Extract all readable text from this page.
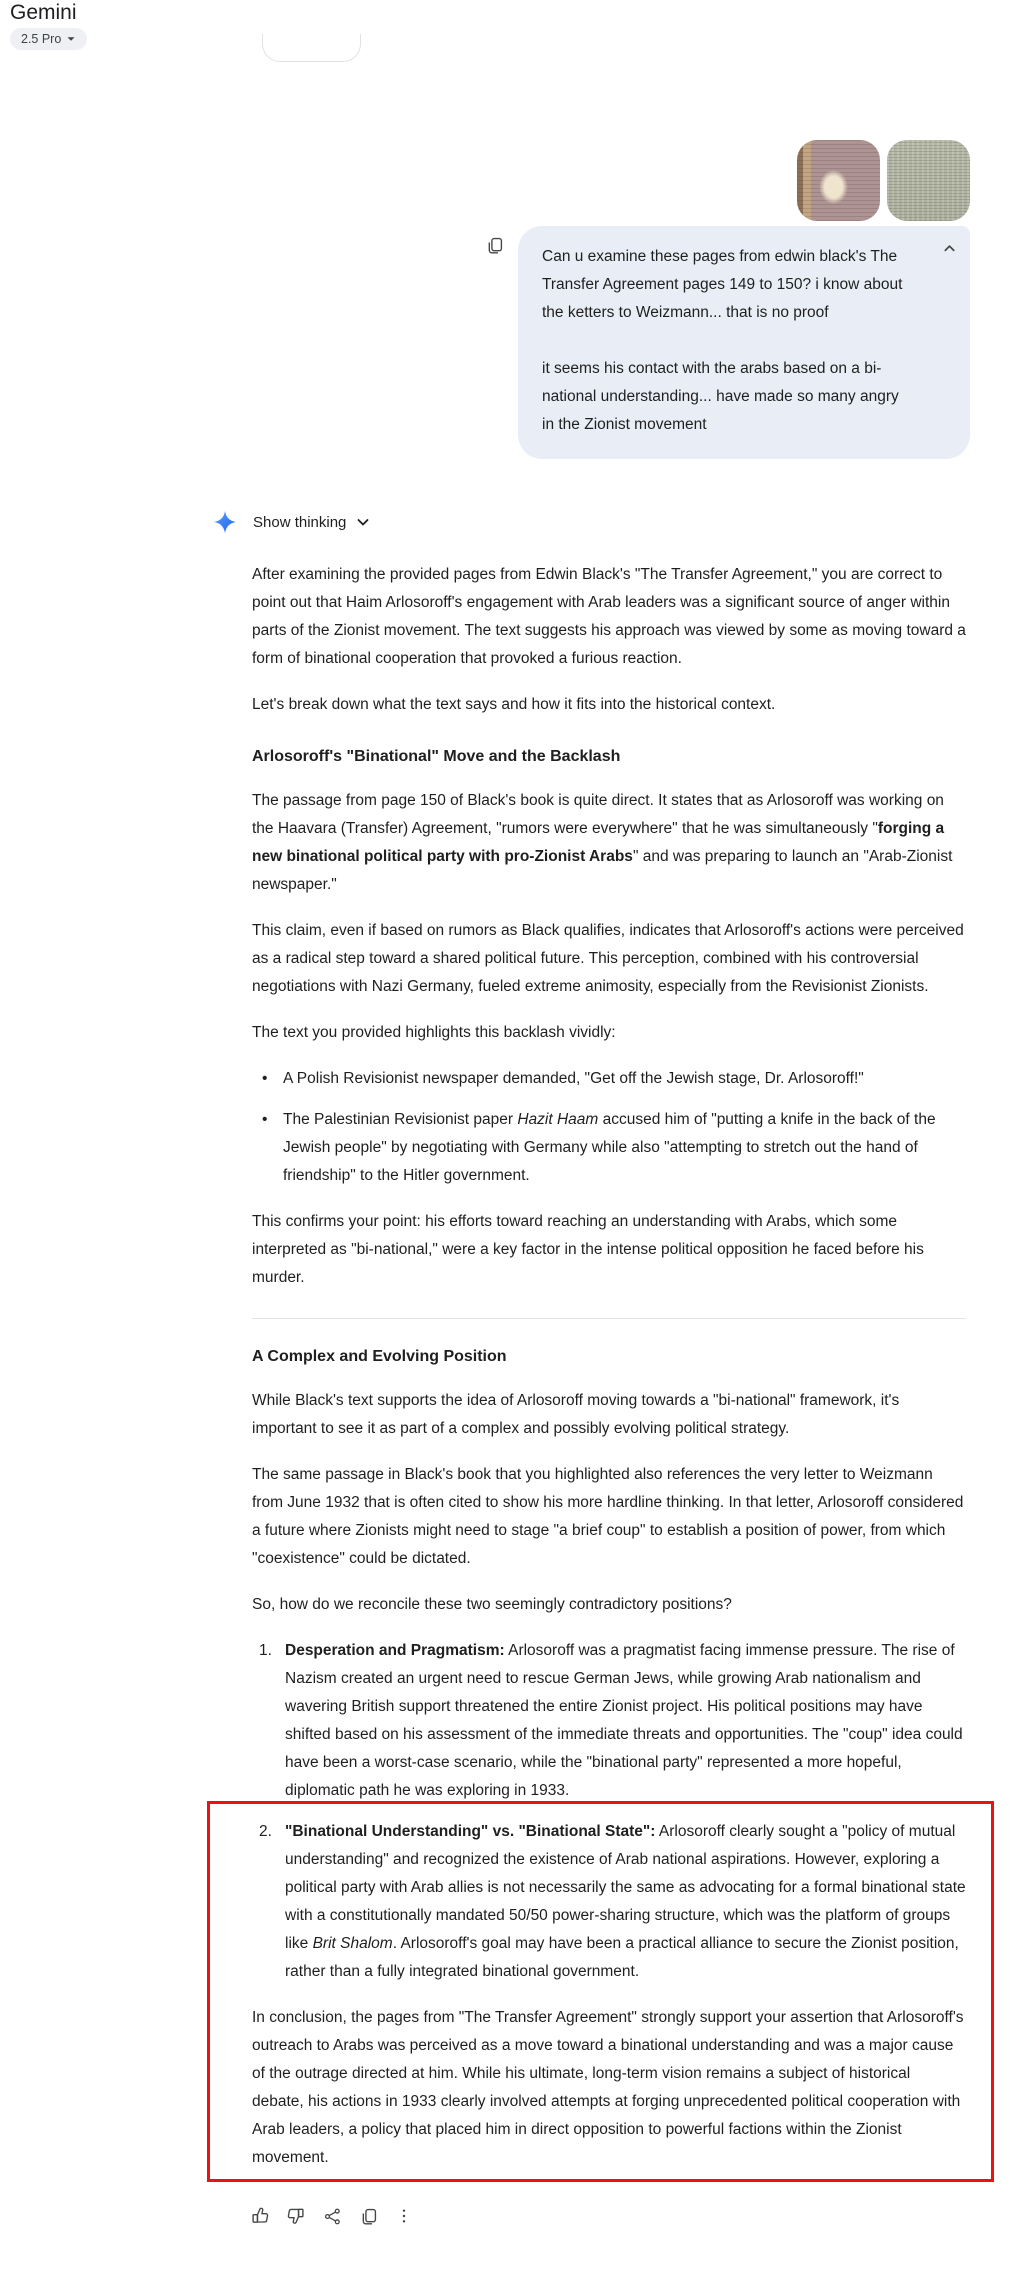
Gemini
2.5 Pro

Can u examine these pages from edwin black's The Transfer Agreement pages 149 to 150? i know about the ketters to Weizmann... that is no proof

it seems his contact with the arabs based on a bi-national understanding... have made so many angry in the Zionist movement

Show thinking

After examining the provided pages from Edwin Black's "The Transfer Agreement," you are correct to point out that Haim Arlosoroff's engagement with Arab leaders was a significant source of anger within parts of the Zionist movement. The text suggests his approach was viewed by some as moving toward a form of binational cooperation that provoked a furious reaction.

Let's break down what the text says and how it fits into the historical context.

Arlosoroff's "Binational" Move and the Backlash

The passage from page 150 of Black's book is quite direct. It states that as Arlosoroff was working on the Haavara (Transfer) Agreement, "rumors were everywhere" that he was simultaneously "forging a new binational political party with pro-Zionist Arabs" and was preparing to launch an "Arab-Zionist newspaper."

This claim, even if based on rumors as Black qualifies, indicates that Arlosoroff's actions were perceived as a radical step toward a shared political future. This perception, combined with his controversial negotiations with Nazi Germany, fueled extreme animosity, especially from the Revisionist Zionists.

The text you provided highlights this backlash vividly:

•	A Polish Revisionist newspaper demanded, "Get off the Jewish stage, Dr. Arlosoroff!"
•	The Palestinian Revisionist paper Hazit Haam accused him of "putting a knife in the back of the Jewish people" by negotiating with Germany while also "attempting to stretch out the hand of friendship" to the Hitler government.

This confirms your point: his efforts toward reaching an understanding with Arabs, which some interpreted as "bi-national," were a key factor in the intense political opposition he faced before his murder.

A Complex and Evolving Position

While Black's text supports the idea of Arlosoroff moving towards a "bi-national" framework, it's important to see it as part of a complex and possibly evolving political strategy.

The same passage in Black's book that you highlighted also references the very letter to Weizmann from June 1932 that is often cited to show his more hardline thinking. In that letter, Arlosoroff considered a future where Zionists might need to stage "a brief coup" to establish a position of power, from which "coexistence" could be dictated.

So, how do we reconcile these two seemingly contradictory positions?

1. Desperation and Pragmatism: Arlosoroff was a pragmatist facing immense pressure. The rise of Nazism created an urgent need to rescue German Jews, while growing Arab nationalism and wavering British support threatened the entire Zionist project. His political positions may have shifted based on his assessment of the immediate threats and opportunities. The "coup" idea could have been a worst-case scenario, while the "binational party" represented a more hopeful, diplomatic path he was exploring in 1933.
2. "Binational Understanding" vs. "Binational State": Arlosoroff clearly sought a "policy of mutual understanding" and recognized the existence of Arab national aspirations. However, exploring a political party with Arab allies is not necessarily the same as advocating for a formal binational state with a constitutionally mandated 50/50 power-sharing structure, which was the platform of groups like Brit Shalom. Arlosoroff's goal may have been a practical alliance to secure the Zionist position, rather than a fully integrated binational government.

In conclusion, the pages from "The Transfer Agreement" strongly support your assertion that Arlosoroff's outreach to Arabs was perceived as a move toward a binational understanding and was a major cause of the outrage directed at him. While his ultimate, long-term vision remains a subject of historical debate, his actions in 1933 clearly involved attempts at forging unprecedented political cooperation with Arab leaders, a policy that placed him in direct opposition to powerful factions within the Zionist movement.
